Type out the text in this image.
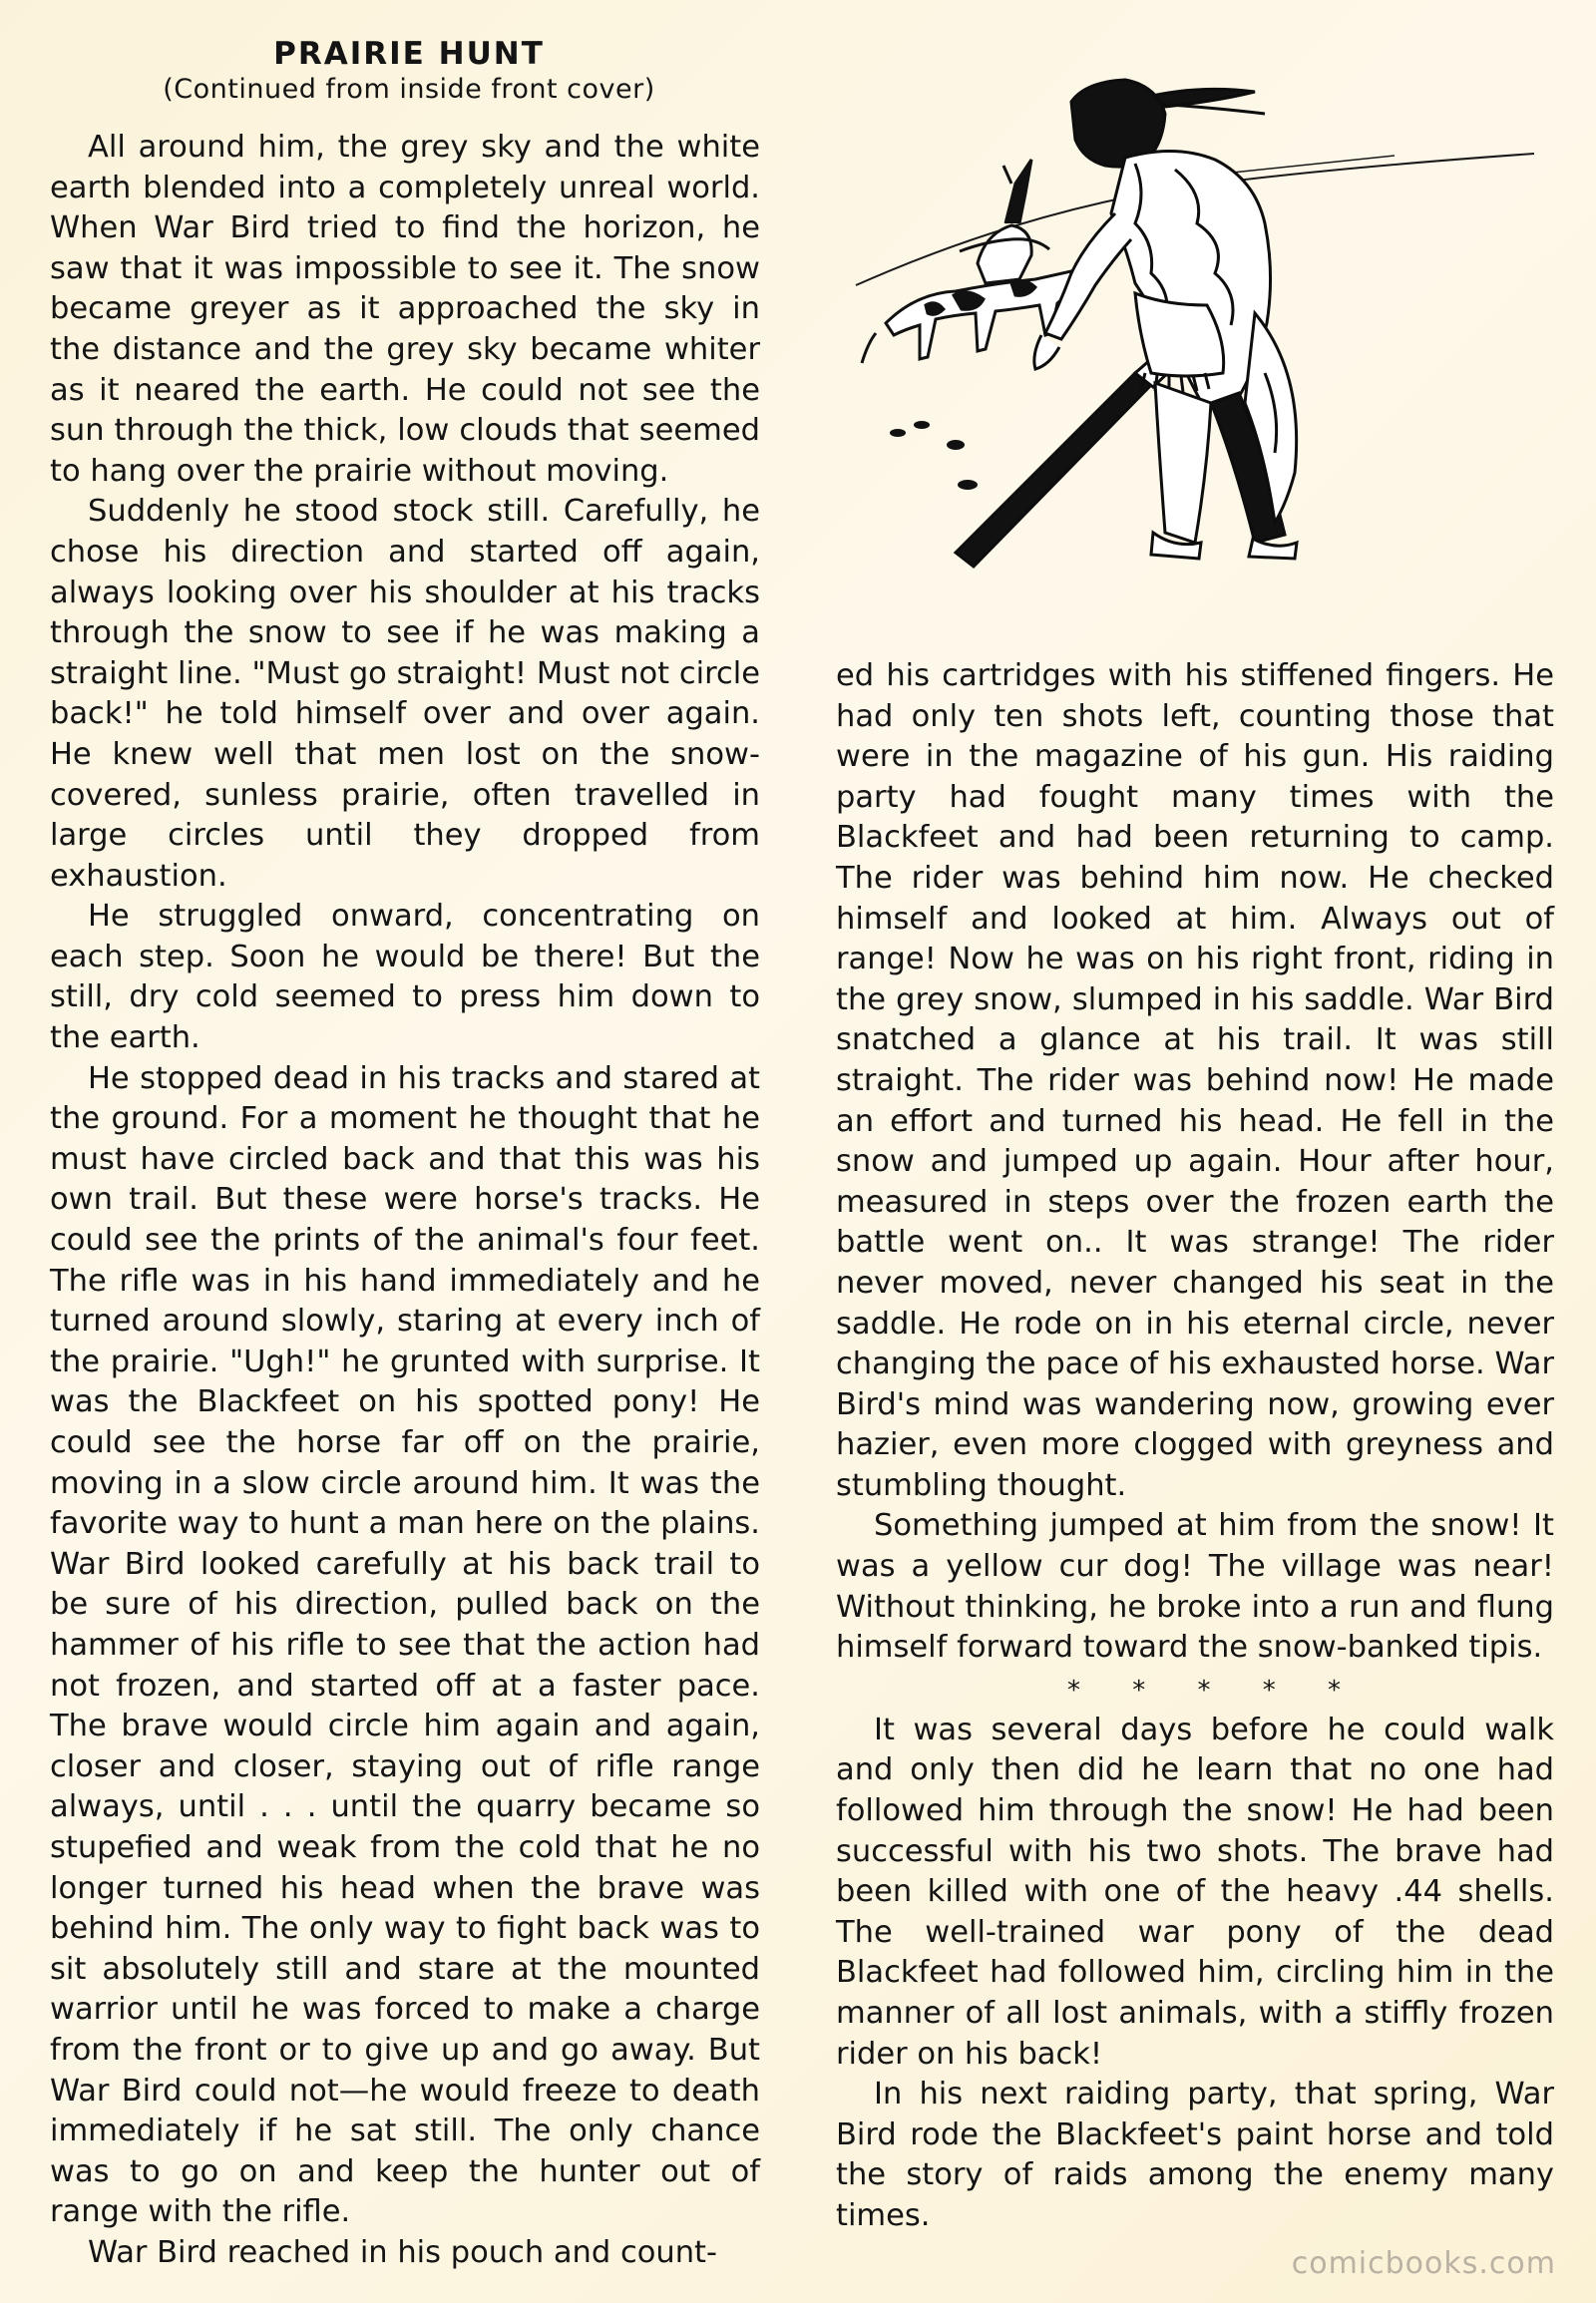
PRAIRIE HUNT
(Continued from inside front cover)

All around him, the grey sky and the white earth blended into a completely unreal world. When War Bird tried to find the horizon, he saw that it was impossible to see it. The snow became greyer as it approached the sky in the distance and the grey sky became whiter as it neared the earth. He could not see the sun through the thick, low clouds that seemed to hang over the prairie without moving.

Suddenly he stood stock still. Carefully, he chose his direction and started off again, always looking over his shoulder at his tracks through the snow to see if he was making a straight line. "Must go straight! Must not circle back!" he told himself over and over again. He knew well that men lost on the snow-covered, sunless prairie, often travelled in large circles until they dropped from exhaustion.

He struggled onward, concentrating on each step. Soon he would be there! But the still, dry cold seemed to press him down to the earth.

He stopped dead in his tracks and stared at the ground. For a moment he thought that he must have circled back and that this was his own trail. But these were horse's tracks. He could see the prints of the animal's four feet. The rifle was in his hand immediately and he turned around slowly, staring at every inch of the prairie. "Ugh!" he grunted with surprise. It was the Blackfeet on his spotted pony! He could see the horse far off on the prairie, moving in a slow circle around him. It was the favorite way to hunt a man here on the plains. War Bird looked carefully at his back trail to be sure of his direction, pulled back on the hammer of his rifle to see that the action had not frozen, and started off at a faster pace. The brave would circle him again and again, closer and closer, staying out of rifle range always, until . . . until the quarry became so stupefied and weak from the cold that he no longer turned his head when the brave was behind him. The only way to fight back was to sit absolutely still and stare at the mounted warrior until he was forced to make a charge from the front or to give up and go away. But War Bird could not—he would freeze to death immediately if he sat still. The only chance was to go on and keep the hunter out of range with the rifle.

War Bird reached in his pouch and count-

ed his cartridges with his stiffened fingers. He had only ten shots left, counting those that were in the magazine of his gun. His raiding party had fought many times with the Blackfeet and had been returning to camp. The rider was behind him now. He checked himself and looked at him. Always out of range! Now he was on his right front, riding in the grey snow, slumped in his saddle. War Bird snatched a glance at his trail. It was still straight. The rider was behind now! He made an effort and turned his head. He fell in the snow and jumped up again. Hour after hour, measured in steps over the frozen earth the battle went on.. It was strange! The rider never moved, never changed his seat in the saddle. He rode on in his eternal circle, never changing the pace of his exhausted horse. War Bird's mind was wandering now, growing ever hazier, even more clogged with greyness and stumbling thought.

Something jumped at him from the snow! It was a yellow cur dog! The village was near! Without thinking, he broke into a run and flung himself forward toward the snow-banked tipis.

* * * * *

It was several days before he could walk and only then did he learn that no one had followed him through the snow! He had been successful with his two shots. The brave had been killed with one of the heavy .44 shells. The well-trained war pony of the dead Blackfeet had followed him, circling him in the manner of all lost animals, with a stiffly frozen rider on his back!

In his next raiding party, that spring, War Bird rode the Blackfeet's paint horse and told the story of raids among the enemy many times.

comicbooks.com
